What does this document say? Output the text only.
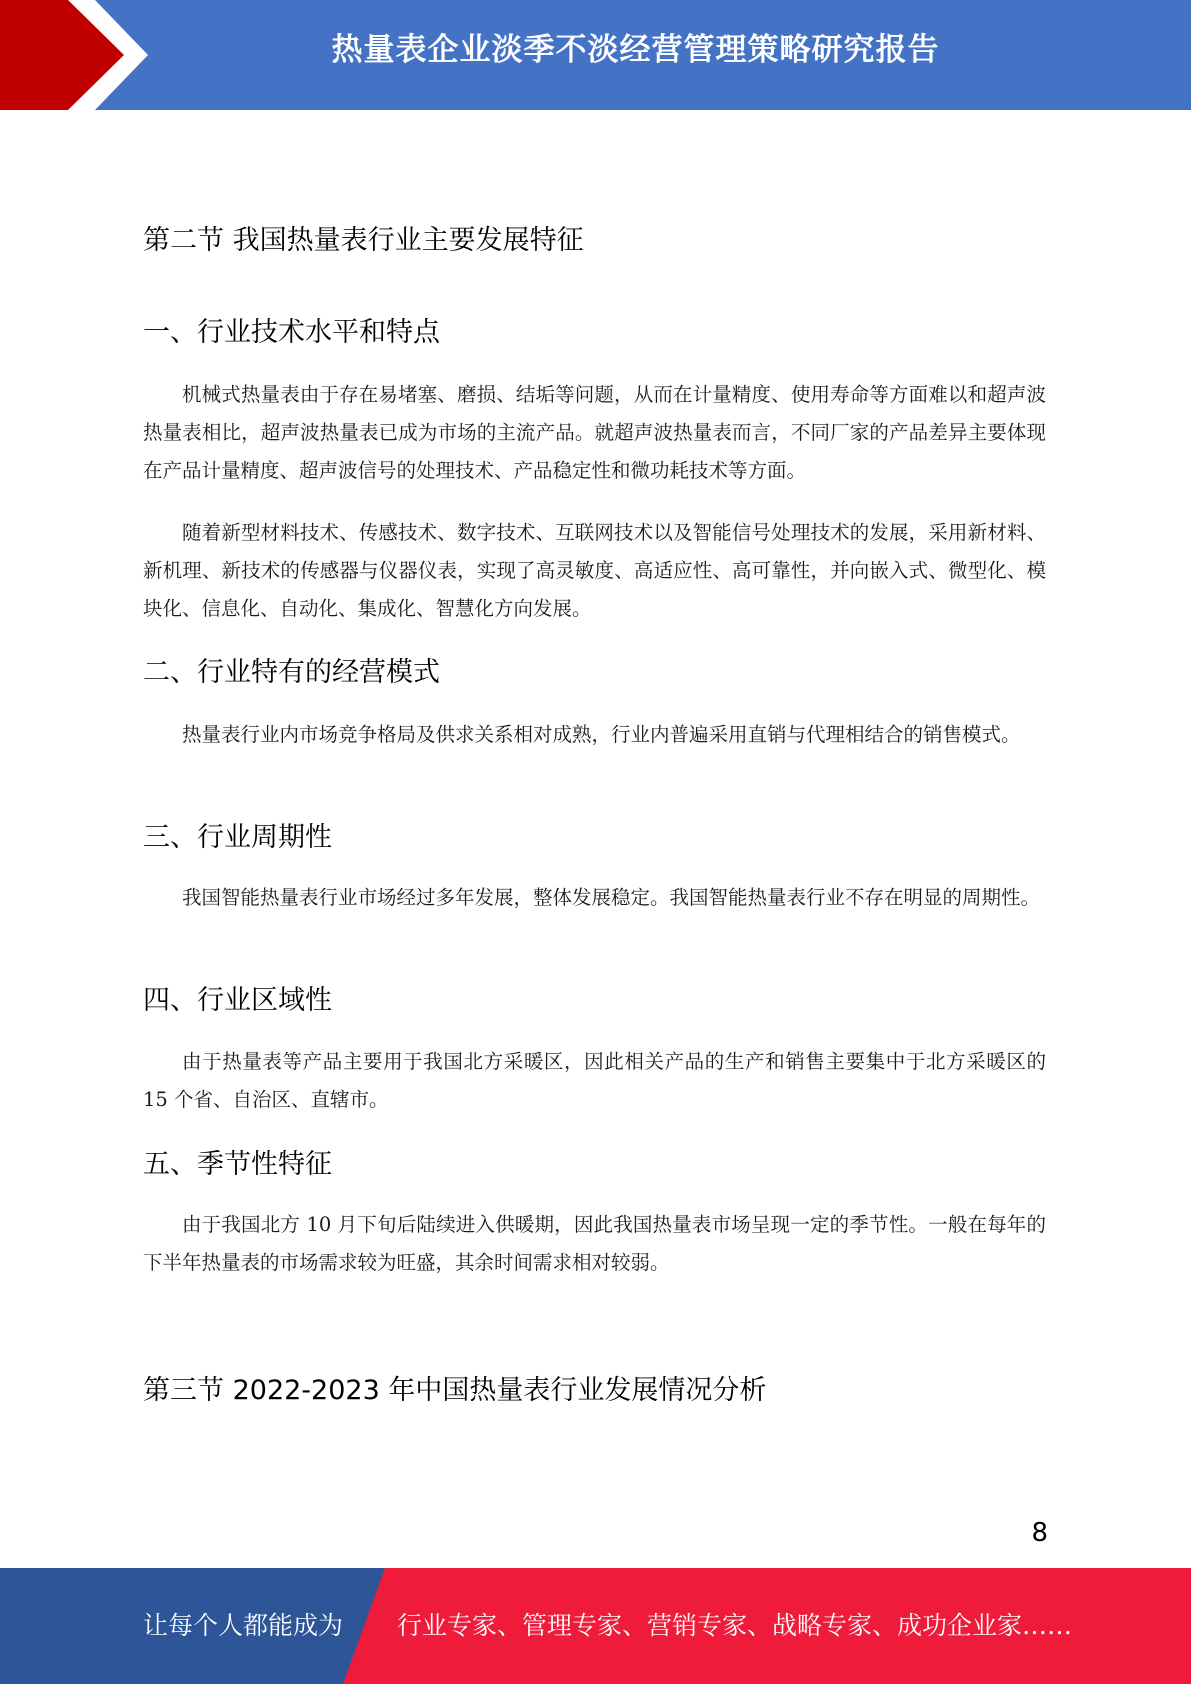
热量表企业淡季不淡经营管理策略研究报告
第二节 我国热量表行业主要发展特征
一、行业技术水平和特点

机械式热量表由于存在易堵塞、磨损、结垢等问题，从而在计量精度、使用寿命等方面难以和超声波热量表相比，超声波热量表已成为市场的主流产品。就超声波热量表而言，不同厂家的产品差异主要体现在产品计量精度、超声波信号的处理技术、产品稳定性和微功耗技术等方面。

随着新型材料技术、传感技术、数字技术、互联网技术以及智能信号处理技术的发展，采用新材料、新机理、新技术的传感器与仪器仪表，实现了高灵敏度、高适应性、高可靠性，并向嵌入式、微型化、模块化、信息化、自动化、集成化、智慧化方向发展。

二、行业特有的经营模式

热量表行业内市场竞争格局及供求关系相对成熟，行业内普遍采用直销与代理相结合的销售模式。

三、行业周期性

我国智能热量表行业市场经过多年发展，整体发展稳定。我国智能热量表行业不存在明显的周期性。

四、行业区域性

由于热量表等产品主要用于我国北方采暖区，因此相关产品的生产和销售主要集中于北方采暖区的 15 个省、自治区、直辖市。

五、季节性特征

由于我国北方 10 月下旬后陆续进入供暖期，因此我国热量表市场呈现一定的季节性。一般在每年的下半年热量表的市场需求较为旺盛，其余时间需求相对较弱。

第三节 2022-2023 年中国热量表行业发展情况分析
8
让每个人都能成为 行业专家、管理专家、营销专家、战略专家、成功企业家……
